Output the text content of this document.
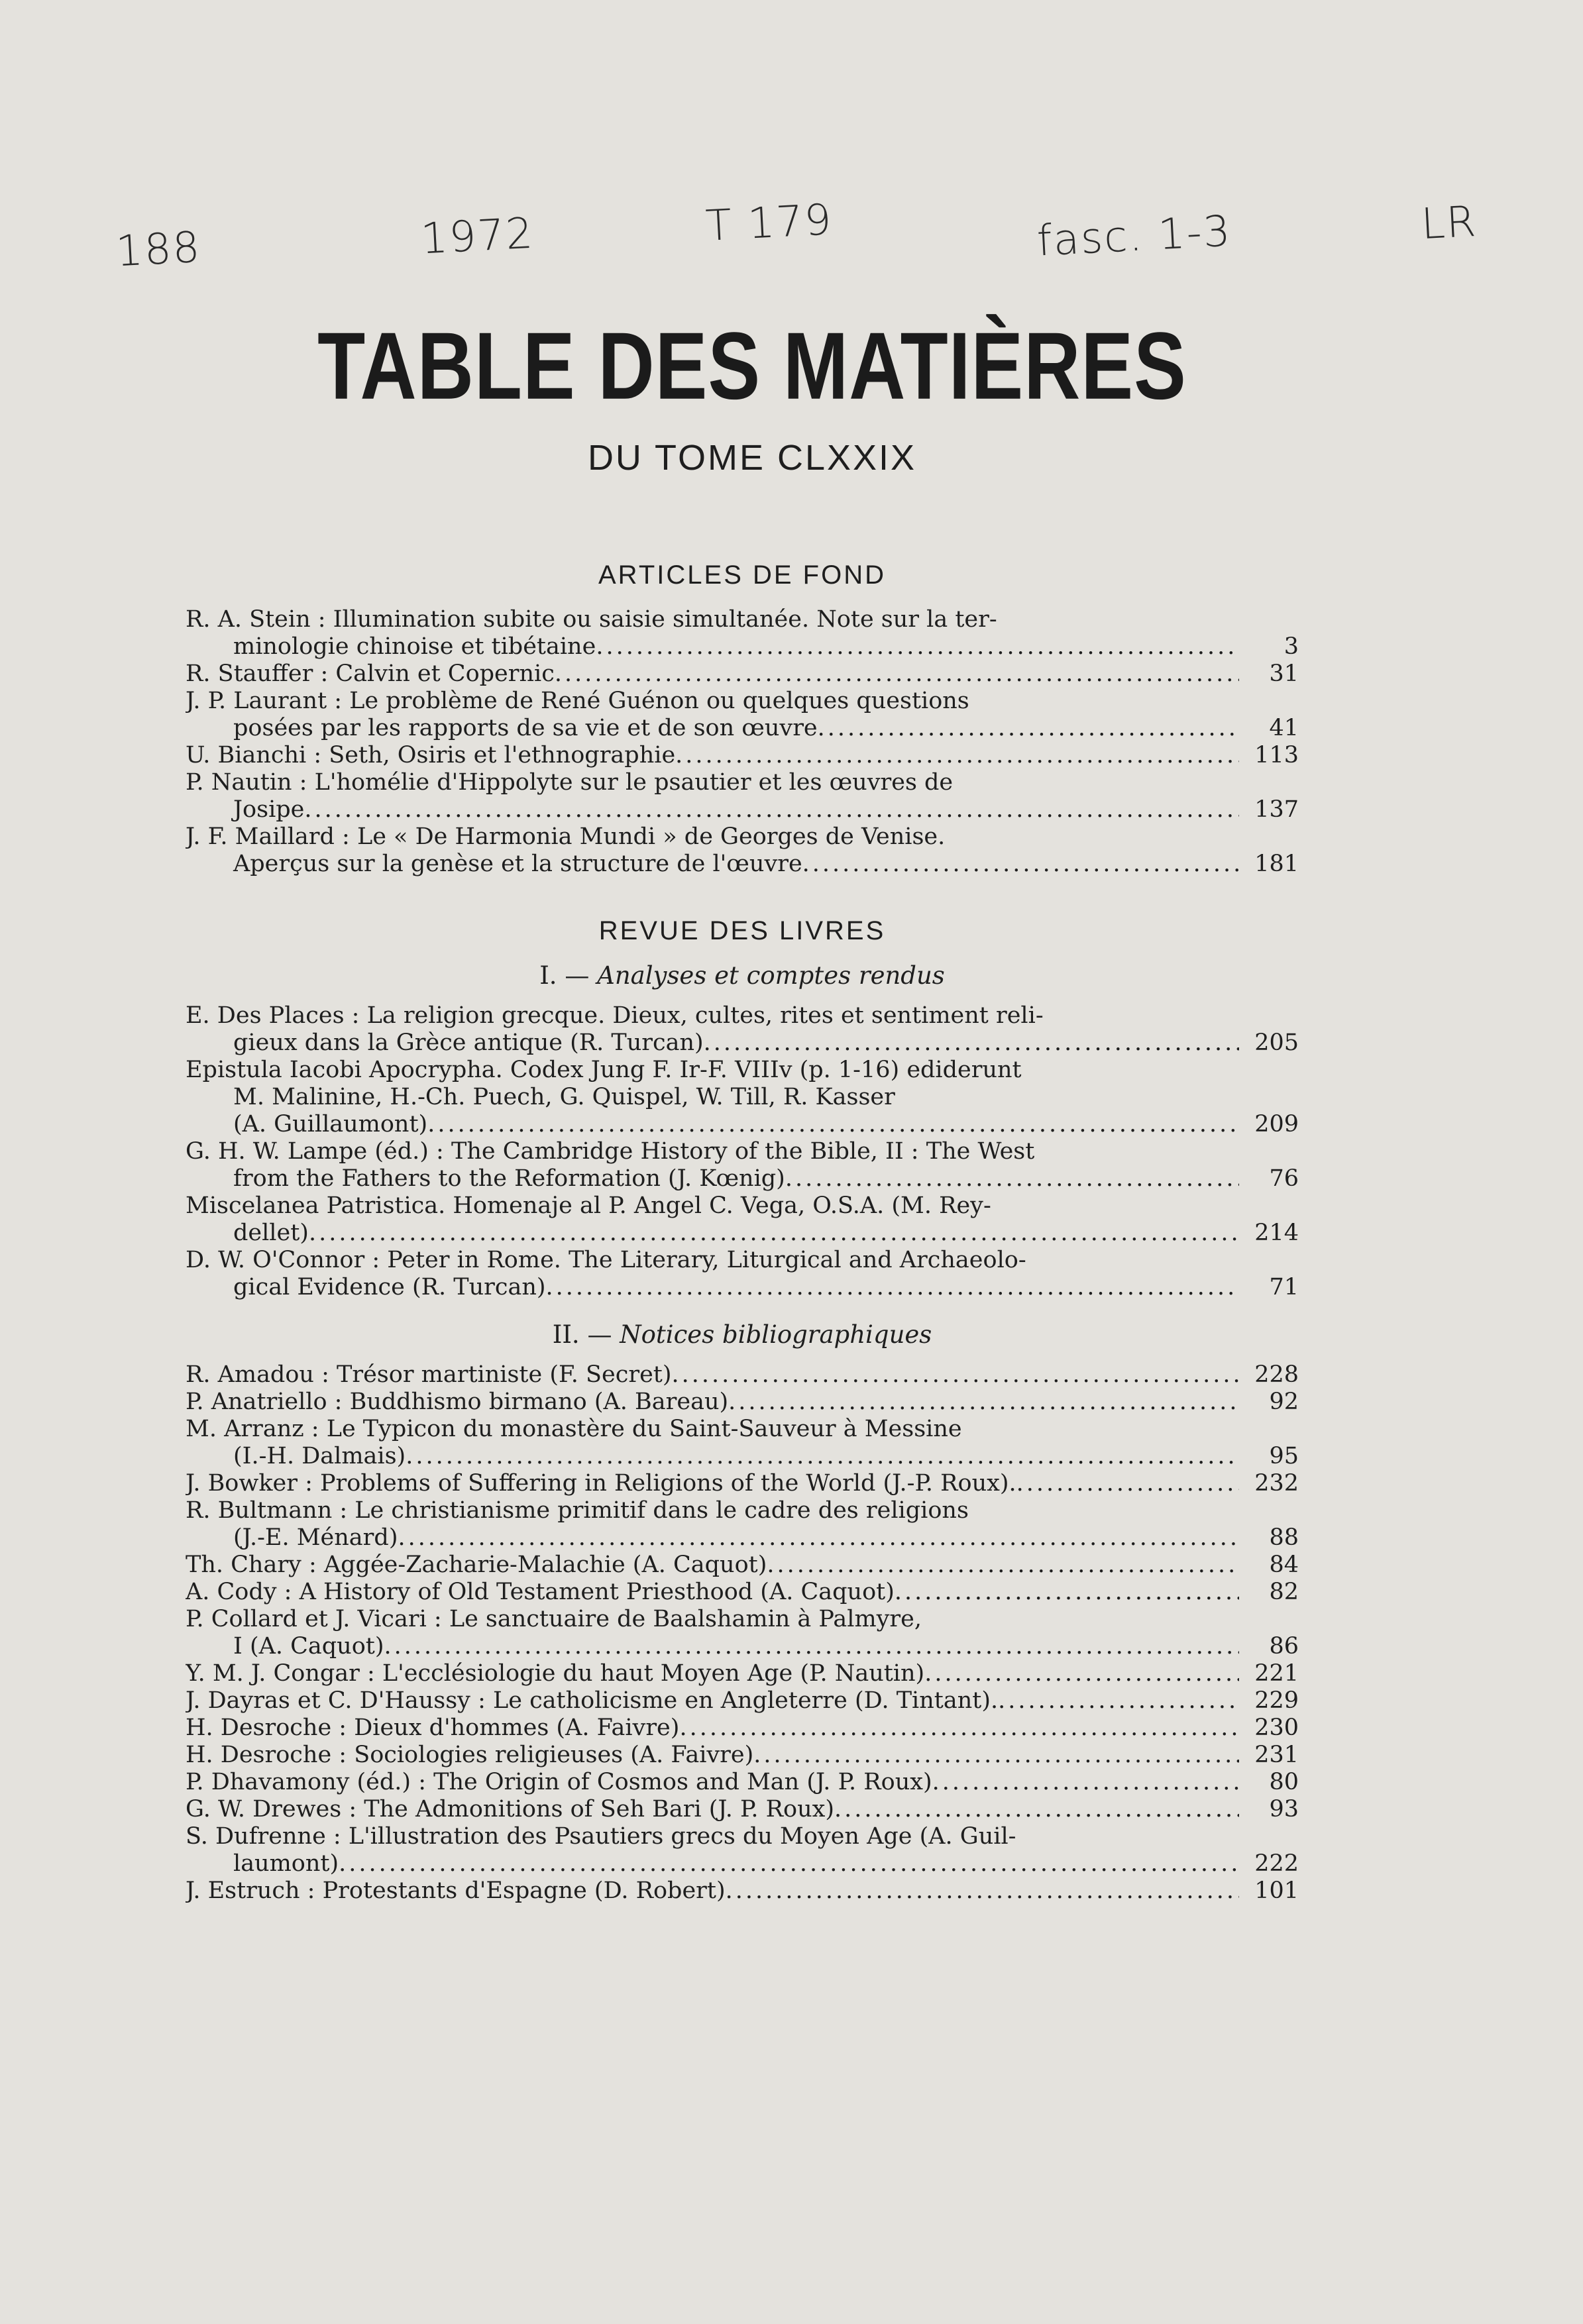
188	1972	T 179	fasc. 1-3	LR
TABLE DES MATIÈRES
DU TOME CLXXIX
ARTICLES DE FOND
R. A. Stein : Illumination subite ou saisie simultanée. Note sur la ter-
minologie chinoise et tibétaine .....	3
R. Stauffer : Calvin et Copernic .....	31
J. P. Laurant : Le problème de René Guénon ou quelques questions
posées par les rapports de sa vie et de son œuvre .....	41
U. Bianchi : Seth, Osiris et l'ethnographie .....	113
P. Nautin : L'homélie d'Hippolyte sur le psautier et les œuvres de
Josipe .....	137
J. F. Maillard : Le « De Harmonia Mundi » de Georges de Venise.
Aperçus sur la genèse et la structure de l'œuvre .....	181
REVUE DES LIVRES
I. — Analyses et comptes rendus
E. Des Places : La religion grecque. Dieux, cultes, rites et sentiment reli-
gieux dans la Grèce antique (R. Turcan) .....	205
Epistula Iacobi Apocrypha. Codex Jung F. Ir-F. VIIIv (p. 1-16) ediderunt
M. Malinine, H.-Ch. Puech, G. Quispel, W. Till, R. Kasser
(A. Guillaumont) .....	209
G. H. W. Lampe (éd.) : The Cambridge History of the Bible, II : The West
from the Fathers to the Reformation (J. Kœnig) .....	76
Miscelanea Patristica. Homenaje al P. Angel C. Vega, O.S.A. (M. Rey-
dellet) .....	214
D. W. O'Connor : Peter in Rome. The Literary, Liturgical and Archaeolo-
gical Evidence (R. Turcan) .....	71
II. — Notices bibliographiques
R. Amadou : Trésor martiniste (F. Secret) .....	228
P. Anatriello : Buddhismo birmano (A. Bareau) .....	92
M. Arranz : Le Typicon du monastère du Saint-Sauveur à Messine
(I.-H. Dalmais) .....	95
J. Bowker : Problems of Suffering in Religions of the World (J.-P. Roux). .....	232
R. Bultmann : Le christianisme primitif dans le cadre des religions
(J.-E. Ménard) .....	88
Th. Chary : Aggée-Zacharie-Malachie (A. Caquot) .....	84
A. Cody : A History of Old Testament Priesthood (A. Caquot) .....	82
P. Collard et J. Vicari : Le sanctuaire de Baalshamin à Palmyre,
I (A. Caquot) .....	86
Y. M. J. Congar : L'ecclésiologie du haut Moyen Age (P. Nautin) .....	221
J. Dayras et C. D'Haussy : Le catholicisme en Angleterre (D. Tintant). .....	229
H. Desroche : Dieux d'hommes (A. Faivre) .....	230
H. Desroche : Sociologies religieuses (A. Faivre) .....	231
P. Dhavamony (éd.) : The Origin of Cosmos and Man (J. P. Roux) .....	80
G. W. Drewes : The Admonitions of Seh Bari (J. P. Roux) .....	93
S. Dufrenne : L'illustration des Psautiers grecs du Moyen Age (A. Guil-
laumont) .....	222
J. Estruch : Protestants d'Espagne (D. Robert) .....	101
